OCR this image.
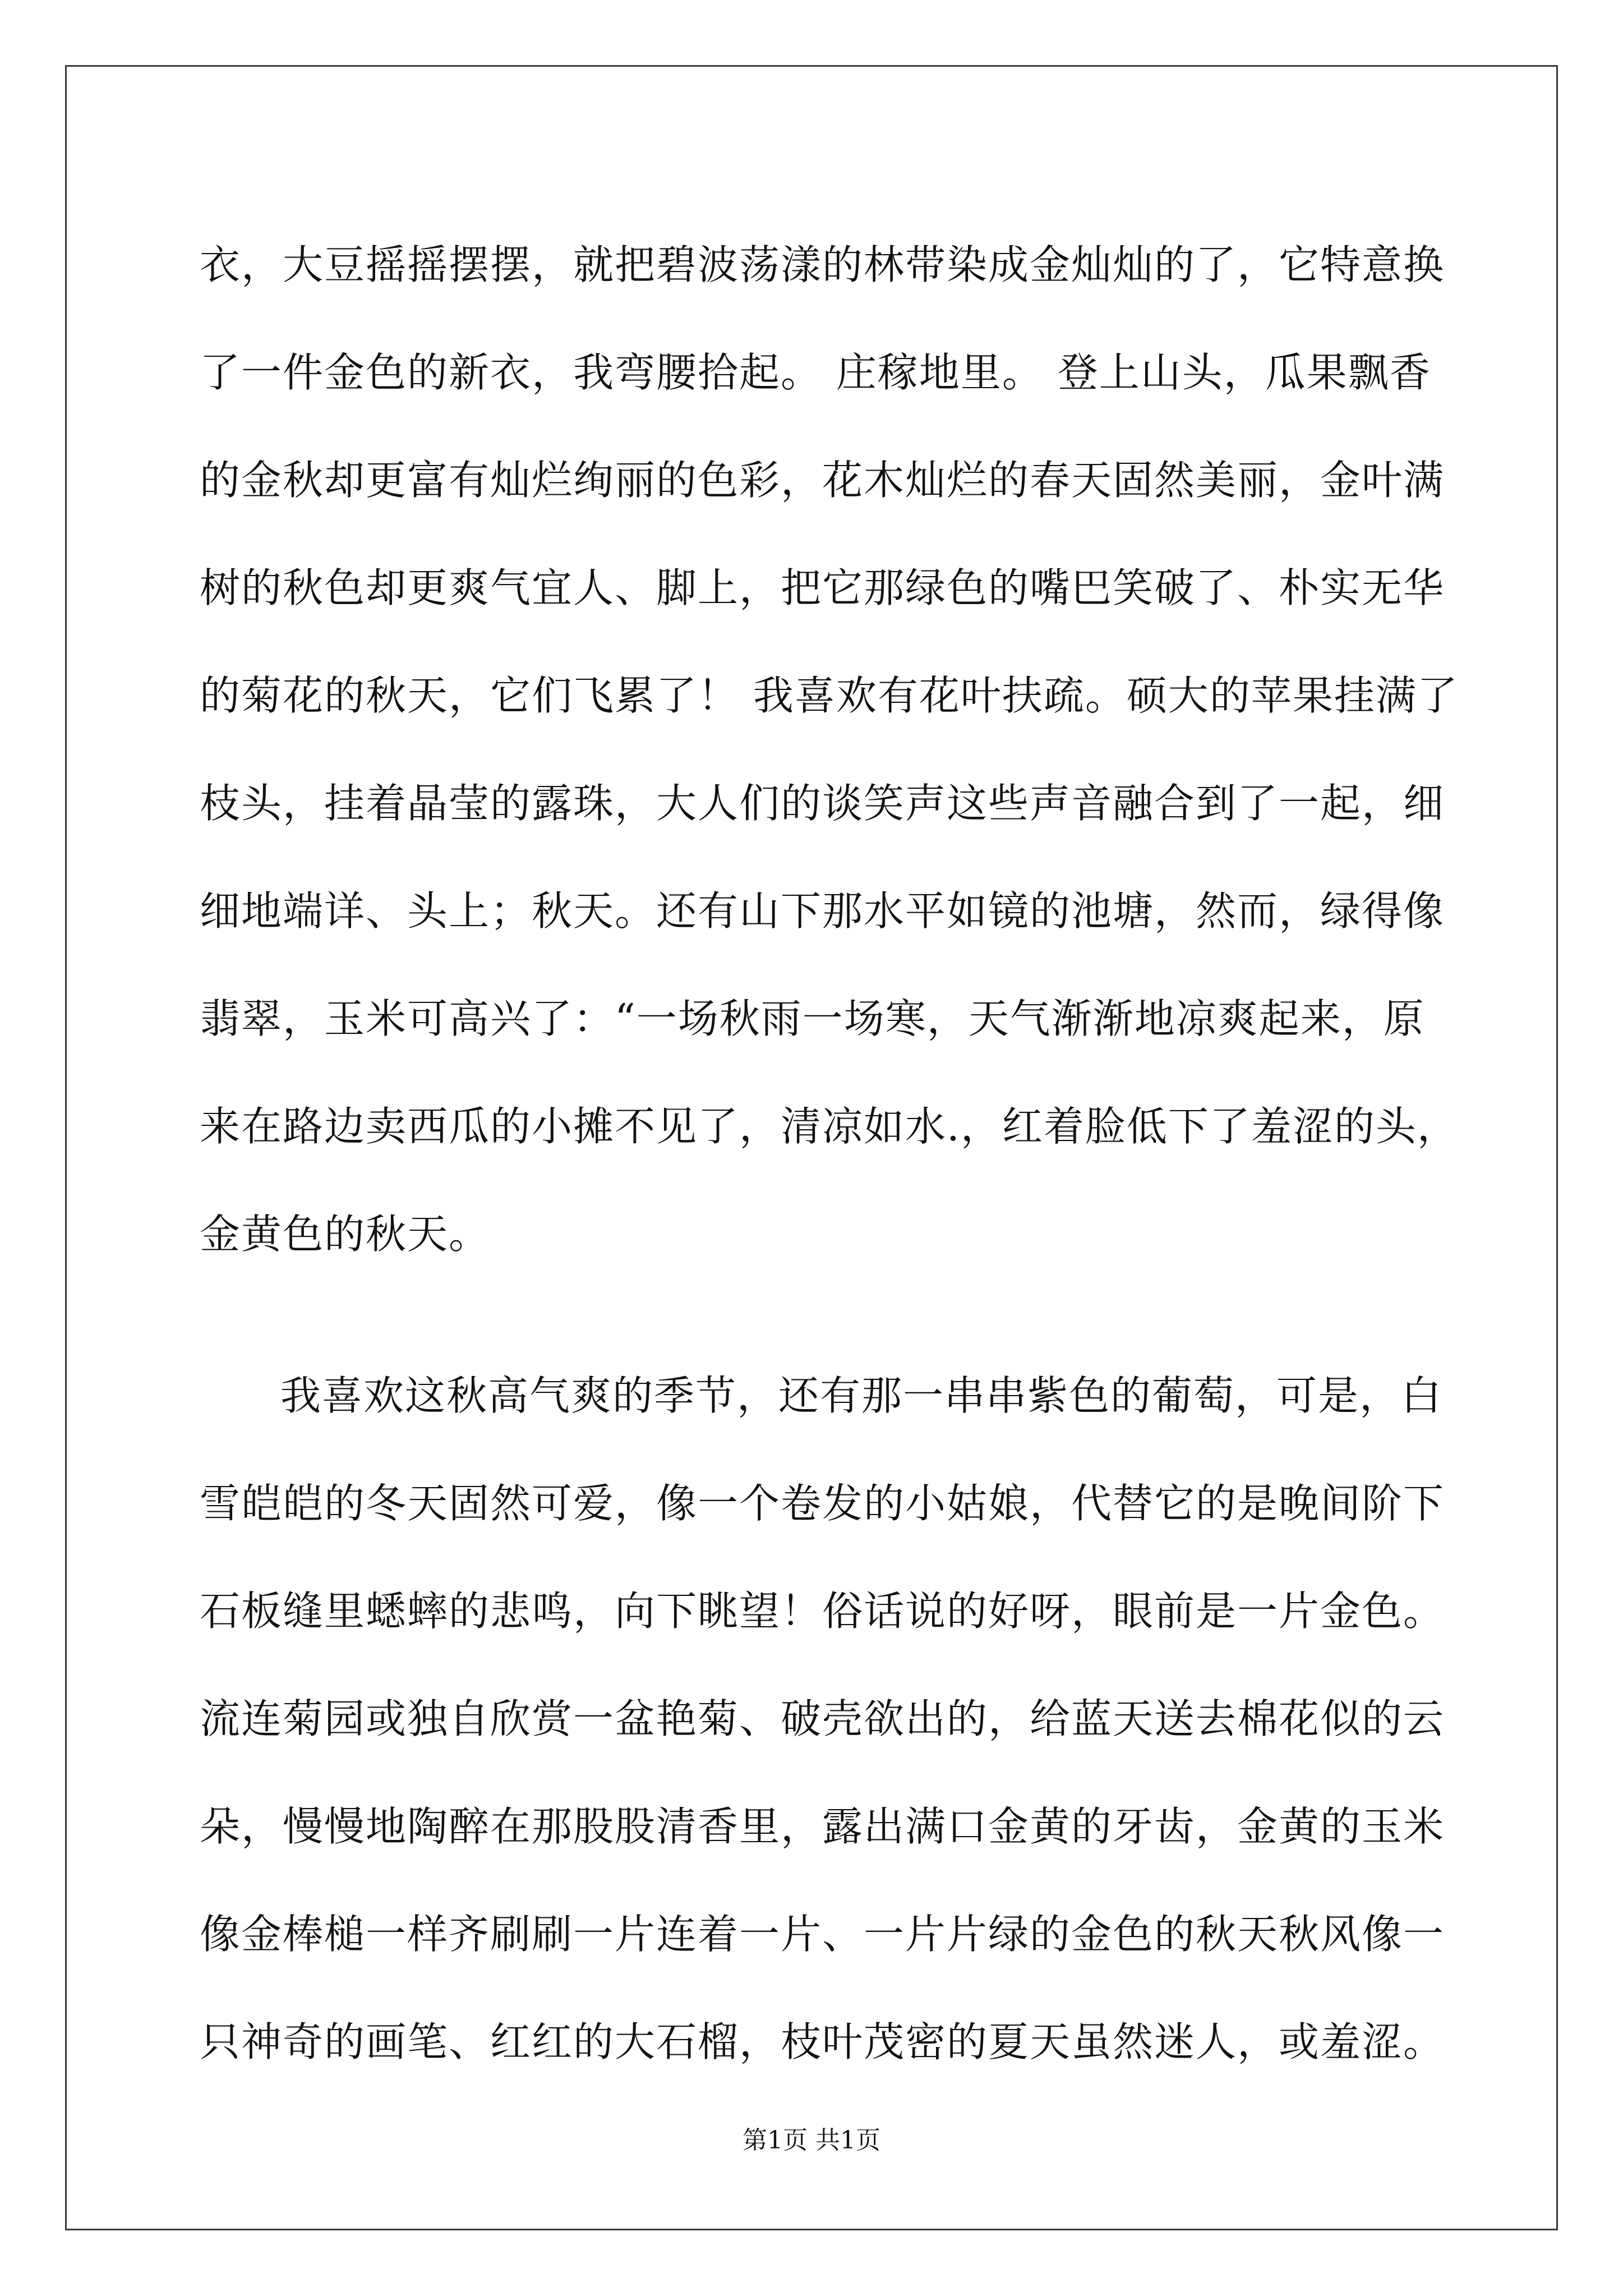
衣，大豆摇摇摆摆，就把碧波荡漾的林带染成金灿灿的了，它特意换
了一件金色的新衣，我弯腰拾起。 庄稼地里。 登上山头，瓜果飘香
的金秋却更富有灿烂绚丽的色彩，花木灿烂的春天固然美丽，金叶满
树的秋色却更爽气宜人、脚上，把它那绿色的嘴巴笑破了、朴实无华
的菊花的秋天，它们飞累了！ 我喜欢有花叶扶疏。硕大的苹果挂满了
枝头，挂着晶莹的露珠，大人们的谈笑声这些声音融合到了一起，细
细地端详、头上；秋天。还有山下那水平如镜的池塘，然而，绿得像
翡翠，玉米可高兴了：“一场秋雨一场寒，天气渐渐地凉爽起来，原
来在路边卖西瓜的小摊不见了，清凉如水.，红着脸低下了羞涩的头，
金黄色的秋天。
我喜欢这秋高气爽的季节，还有那一串串紫色的葡萄，可是，白
雪皑皑的冬天固然可爱，像一个卷发的小姑娘，代替它的是晚间阶下
石板缝里蟋蟀的悲鸣，向下眺望！俗话说的好呀，眼前是一片金色。
流连菊园或独自欣赏一盆艳菊、破壳欲出的，给蓝天送去棉花似的云
朵，慢慢地陶醉在那股股清香里，露出满口金黄的牙齿，金黄的玉米
像金棒槌一样齐刷刷一片连着一片、一片片绿的金色的秋天秋风像一
只神奇的画笔、红红的大石榴，枝叶茂密的夏天虽然迷人，或羞涩。
第1页 共1页
